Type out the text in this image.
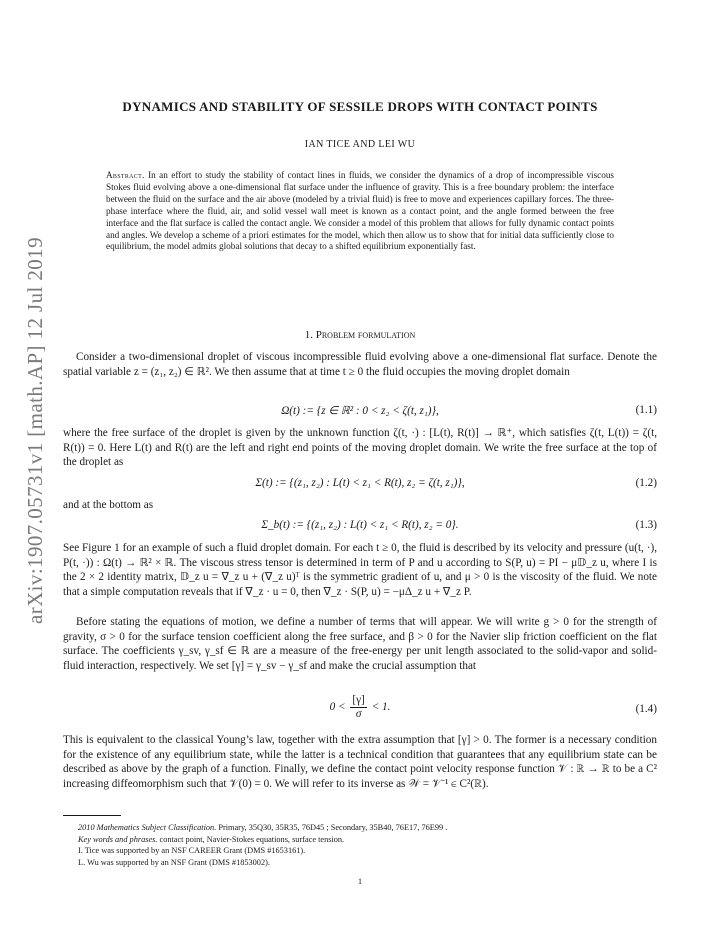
arXiv:1907.05731v1 [math.AP] 12 Jul 2019
DYNAMICS AND STABILITY OF SESSILE DROPS WITH CONTACT POINTS
IAN TICE AND LEI WU
Abstract. In an effort to study the stability of contact lines in fluids, we consider the dynamics of a drop of incompressible viscous Stokes fluid evolving above a one-dimensional flat surface under the influence of gravity. This is a free boundary problem: the interface between the fluid on the surface and the air above (modeled by a trivial fluid) is free to move and experiences capillary forces. The three-phase interface where the fluid, air, and solid vessel wall meet is known as a contact point, and the angle formed between the free interface and the flat surface is called the contact angle. We consider a model of this problem that allows for fully dynamic contact points and angles. We develop a scheme of a priori estimates for the model, which then allow us to show that for initial data sufficiently close to equilibrium, the model admits global solutions that decay to a shifted equilibrium exponentially fast.
1. Problem formulation
Consider a two-dimensional droplet of viscous incompressible fluid evolving above a one-dimensional flat surface. Denote the spatial variable z = (z₁, z₂) ∈ ℝ². We then assume that at time t ≥ 0 the fluid occupies the moving droplet domain
Ω(t) := {z ∈ ℝ² : 0 < z₂ < ζ(t, z₁)},	(1.1)
where the free surface of the droplet is given by the unknown function ζ(t, ·) : [L(t), R(t)] → ℝ⁺, which satisfies ζ(t, L(t)) = ζ(t, R(t)) = 0. Here L(t) and R(t) are the left and right end points of the moving droplet domain. We write the free surface at the top of the droplet as
Σ(t) := {(z₁, z₂) : L(t) < z₁ < R(t), z₂ = ζ(t, z₁)},	(1.2)
and at the bottom as
Σ_b(t) := {(z₁, z₂) : L(t) < z₁ < R(t), z₂ = 0}.	(1.3)
See Figure 1 for an example of such a fluid droplet domain. For each t ≥ 0, the fluid is described by its velocity and pressure (u(t, ·), P(t, ·)) : Ω(t) → ℝ² × ℝ. The viscous stress tensor is determined in term of P and u according to S(P, u) = PI − μ𝔻_z u, where I is the 2 × 2 identity matrix, 𝔻_z u = ∇_z u + (∇_z u)ᵀ is the symmetric gradient of u, and μ > 0 is the viscosity of the fluid. We note that a simple computation reveals that if ∇_z · u = 0, then ∇_z · S(P, u) = −μΔ_z u + ∇_z P.
Before stating the equations of motion, we define a number of terms that will appear. We will write g > 0 for the strength of gravity, σ > 0 for the surface tension coefficient along the free surface, and β > 0 for the Navier slip friction coefficient on the flat surface. The coefficients γ_sv, γ_sf ∈ ℝ are a measure of the free-energy per unit length associated to the solid-vapor and solid-fluid interaction, respectively. We set [γ] = γ_sv − γ_sf and make the crucial assumption that
$0 < \frac{[\gamma]}{\sigma} < 1$.	(1.4)
This is equivalent to the classical Young’s law, together with the extra assumption that [γ] > 0. The former is a necessary condition for the existence of any equilibrium state, while the latter is a technical condition that guarantees that any equilibrium state can be described as above by the graph of a function. Finally, we define the contact point velocity response function 𝒱 : ℝ → ℝ to be a C² increasing diffeomorphism such that 𝒱(0) = 0. We will refer to its inverse as 𝒲 = 𝒱⁻¹ ∈ C²(ℝ).
2010 Mathematics Subject Classification. Primary, 35Q30, 35R35, 76D45 ; Secondary, 35B40, 76E17, 76E99 .
Key words and phrases. contact point, Navier-Stokes equations, surface tension.
I. Tice was supported by an NSF CAREER Grant (DMS #1653161).
L. Wu was supported by an NSF Grant (DMS #1853002).
1
